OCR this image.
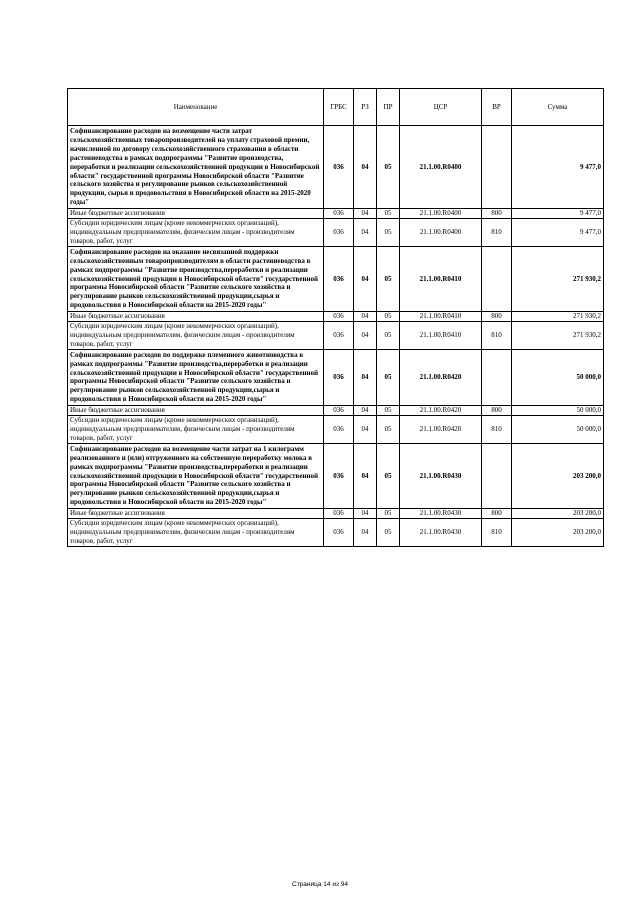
Наименование	ГРБС	РЗ	ПР	ЦСР	ВР	Сумма
Софинансирование расходов на возмещение части затрат сельскохозяйственных товаропроизводителей на уплату страховой премии, начисленной по договору сельскохозяйственного страхования в области растениеводства в рамках подпрограммы "Развитие производства, переработки и реализации сельскохозяйственной продукции в Новосибирской области" государственной программы Новосибирской области "Развитие сельского хозяйства и регулирование рынков сельскохозяйственной продукции, сырья и продовольствия в Новосибирской области на 2015-2020 годы"	036	04	05	21.1.00.R0400		9 477,0
Иные бюджетные ассигнования	036	04	05	21.1.00.R0400	800	9 477,0
Субсидии юридическим лицам (кроме некоммерческих организаций), индивидуальным предпринимателям, физическим лицам - производителям товаров, работ, услуг	036	04	05	21.1.00.R0400	810	9 477,0
Софинансирование расходов на оказание несвязанной поддержки сельскохозяйственным товаропроизводителям в области растениеводства в рамках подпрограммы "Развитие производства,переработки и реализации сельскохозяйственной продукции в Новосибирской области" государственной программы Новосибирской области "Развитие сельского хозяйства и регулирование рынков сельскохозяйственной продукции,сырья и продовольствия в Новосибирской области на 2015-2020 годы"	036	04	05	21.1.00.R0410		271 930,2
Иные бюджетные ассигнования	036	04	05	21.1.00.R0410	800	271 930,2
Субсидии юридическим лицам (кроме некоммерческих организаций), индивидуальным предпринимателям, физическим лицам - производителям товаров, работ, услуг	036	04	05	21.1.00.R0410	810	271 930,2
Софинансирование расходов по поддержке племенного животноводства в рамках подпрограммы "Развитие производства,переработки и реализации сельскохозяйственной продукции в Новосибирской области" государственной программы Новосибирской области "Развитие сельского хозяйства и регулирование рынков сельскохозяйственной продукции,сырья и продовольствия в Новосибирской области на 2015-2020 годы"	036	04	05	21.1.00.R0420		50 000,0
Иные бюджетные ассигнования	036	04	05	21.1.00.R0420	800	50 000,0
Субсидии юридическим лицам (кроме некоммерческих организаций), индивидуальным предпринимателям, физическим лицам - производителям товаров, работ, услуг	036	04	05	21.1.00.R0420	810	50 000,0
Софинансирование расходов на возмещение части затрат на 1 килограмм реализованного и (или) отгруженного на собственную переработку молока в рамках подпрограммы "Развитие производства,переработки и реализации сельскохозяйственной продукции в Новосибирской области" государственной программы Новосибирской области "Развитие сельского хозяйства и регулирование рынков сельскохозяйственной продукции,сырья и продовольствия в Новосибирской области на 2015-2020 годы"	036	04	05	21.1.00.R0430		203 200,0
Иные бюджетные ассигнования	036	04	05	21.1.00.R0430	800	203 200,0
Субсидии юридическим лицам (кроме некоммерческих организаций), индивидуальным предпринимателям, физическим лицам - производителям товаров, работ, услуг	036	04	05	21.1.00.R0430	810	203 200,0
Страница 14 из 94
